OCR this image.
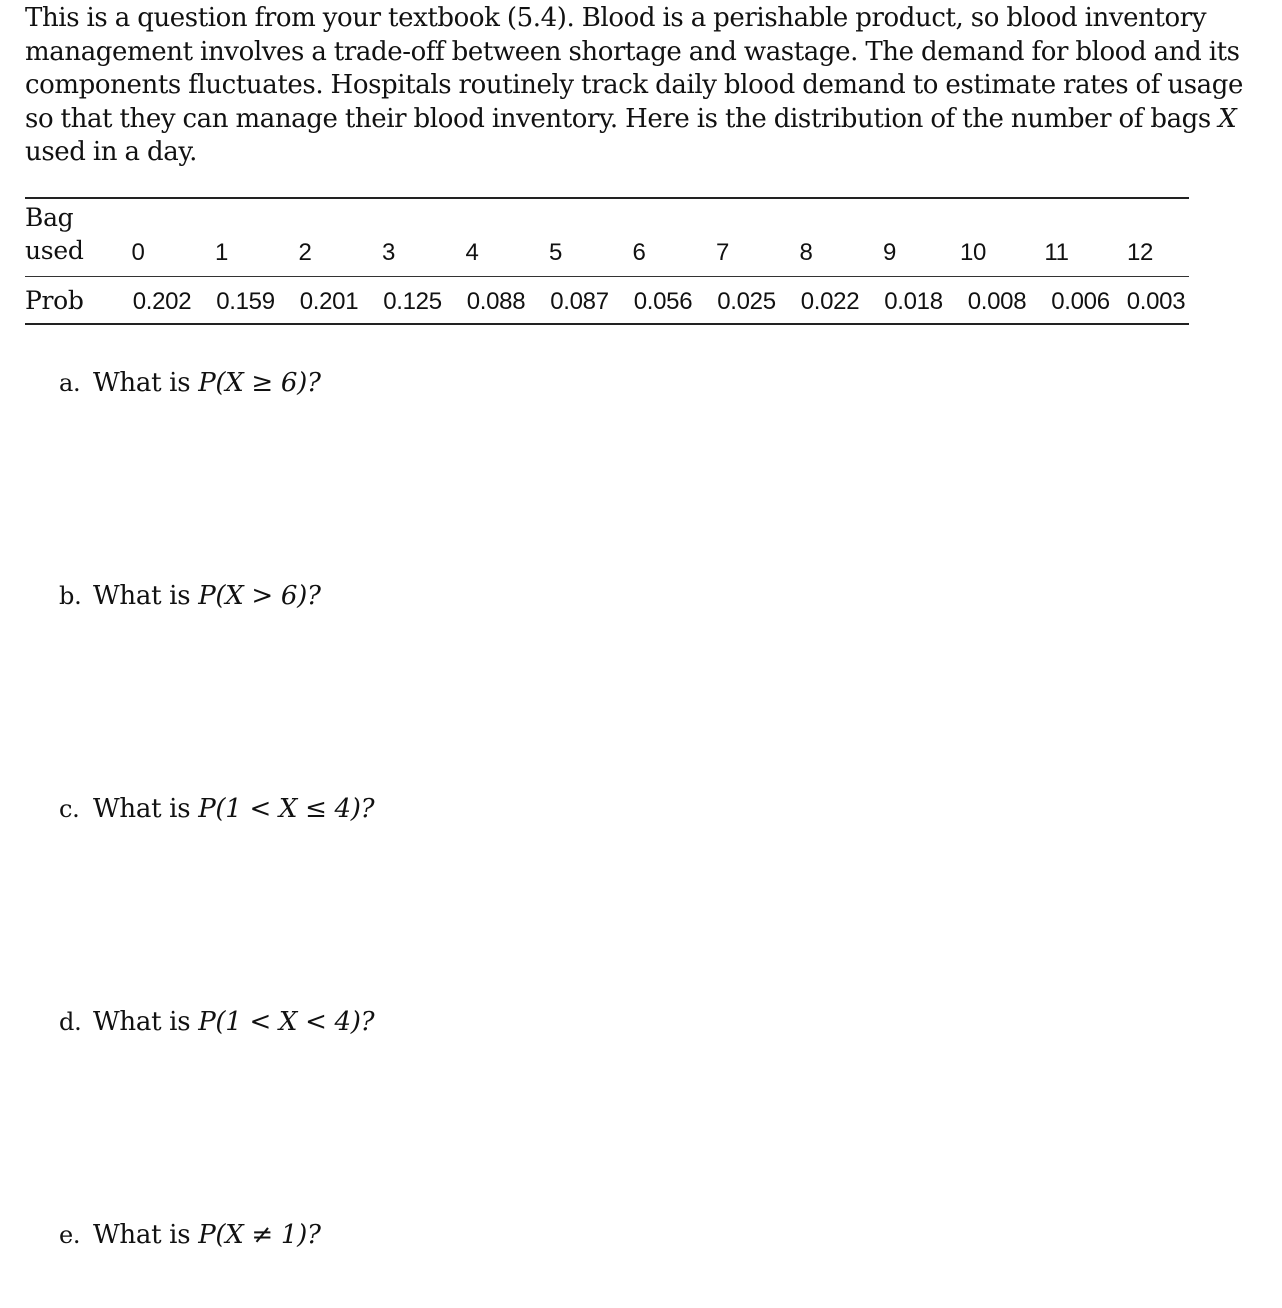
This is a question from your textbook (5.4). Blood is a perishable product, so blood inventory
management involves a trade-off between shortage and wastage. The demand for blood and its
components fluctuates. Hospitals routinely track daily blood demand to estimate rates of usage
so that they can manage their blood inventory. Here is the distribution of the number of bags X
used in a day.
Bag
used	0	1	2	3	4	5	6	7	8	9	10	11	12
Prob	0.202	0.159	0.201	0.125	0.088	0.087	0.056	0.025	0.022	0.018	0.008	0.006 0.003
a. What is P(X ≥ 6)?
b. What is P(X > 6)?
c. What is P(1 < X ≤ 4)?
d. What is P(1 < X < 4)?
e. What is P(X ≠ 1)?
